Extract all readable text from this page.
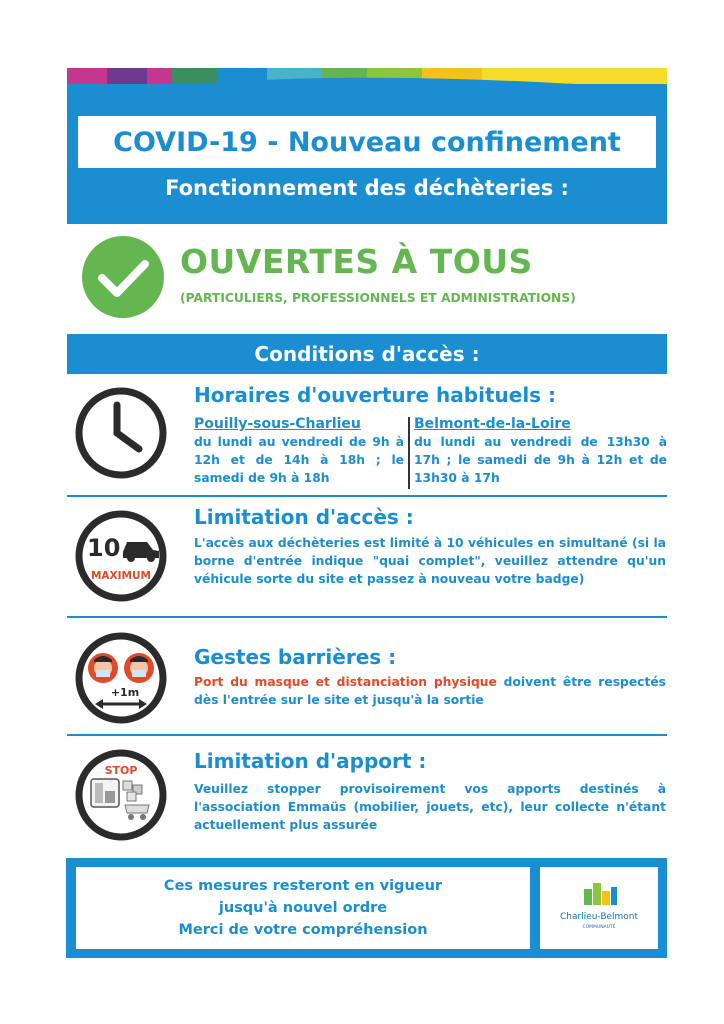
COVID-19 - Nouveau confinement
Fonctionnement des déchèteries :
OUVERTES À TOUS
(PARTICULIERS, PROFESSIONNELS ET ADMINISTRATIONS)
Conditions d'accès :
Horaires d'ouverture habituels :
Pouilly-sous-Charlieu
du lundi au vendredi de 9h à 12h et de 14h à 18h ; le samedi de 9h à 18h
Belmont-de-la-Loire
du lundi au vendredi de 13h30 à 17h ; le samedi de 9h à 12h et de 13h30 à 17h
10
MAXIMUM
Limitation d'accès :
L'accès aux déchèteries est limité à 10 véhicules en simultané (si la borne d'entrée indique "quai complet", veuillez attendre qu'un véhicule sorte du site et passez à nouveau votre badge)
+1m
Gestes barrières :
Port du masque et distanciation physique doivent être respectés dès l'entrée sur le site et jusqu'à la sortie
STOP	Limitation d'apport :
Veuillez stopper provisoirement vos apports destinés à l'association Emmaüs (mobilier, jouets, etc), leur collecte n'étant actuellement plus assurée
Ces mesures resteront en vigueur
jusqu'à nouvel ordre
Merci de votre compréhension
Charlieu-Belmont
COMMUNAUTÉ
